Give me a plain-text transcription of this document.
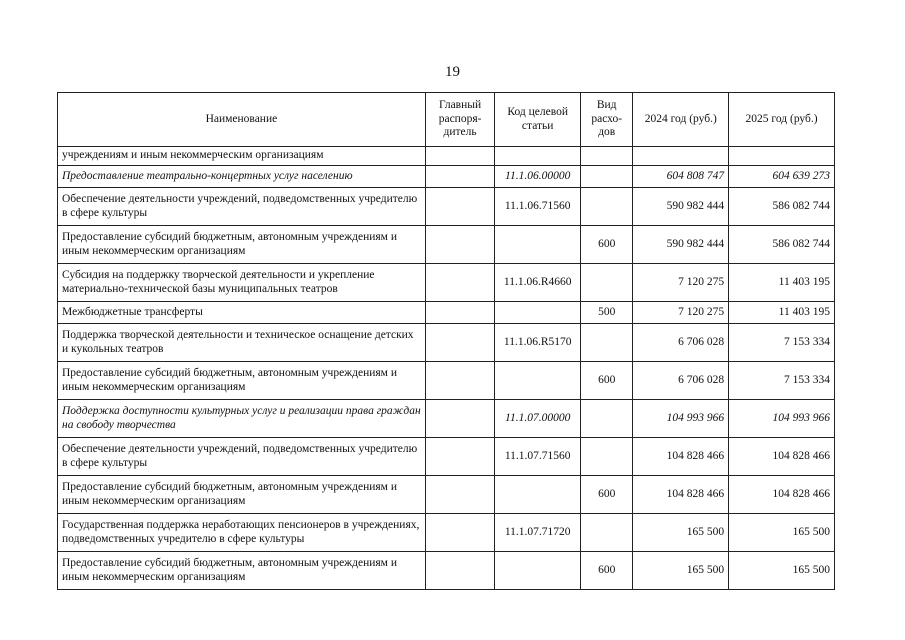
19
Наименование	Главный распоря-дитель	Код целевой статьи	Вид расхо-дов	2024 год (руб.)	2025 год (руб.)
учреждениям и иным некоммерческим организациям					
Предоставление театрально-концертных услуг населению		11.1.06.00000		604 808 747	604 639 273
Обеспечение деятельности учреждений, подведомственных учредителю в сфере культуры		11.1.06.71560		590 982 444	586 082 744
Предоставление субсидий бюджетным, автономным учреждениям и иным некоммерческим организациям			600	590 982 444	586 082 744
Субсидия на поддержку творческой деятельности и укрепление материально-технической базы муниципальных театров		11.1.06.R4660		7 120 275	11 403 195
Межбюджетные трансферты			500	7 120 275	11 403 195
Поддержка творческой деятельности и техническое оснащение детских и кукольных театров		11.1.06.R5170		6 706 028	7 153 334
Предоставление субсидий бюджетным, автономным учреждениям и иным некоммерческим организациям			600	6 706 028	7 153 334
Поддержка доступности культурных услуг и реализации права граждан на свободу творчества		11.1.07.00000		104 993 966	104 993 966
Обеспечение деятельности учреждений, подведомственных учредителю в сфере культуры		11.1.07.71560		104 828 466	104 828 466
Предоставление субсидий бюджетным, автономным учреждениям и иным некоммерческим организациям			600	104 828 466	104 828 466
Государственная поддержка неработающих пенсионеров в учреждениях, подведомственных учредителю в сфере культуры		11.1.07.71720		165 500	165 500
Предоставление субсидий бюджетным, автономным учреждениям и иным некоммерческим организациям			600	165 500	165 500
